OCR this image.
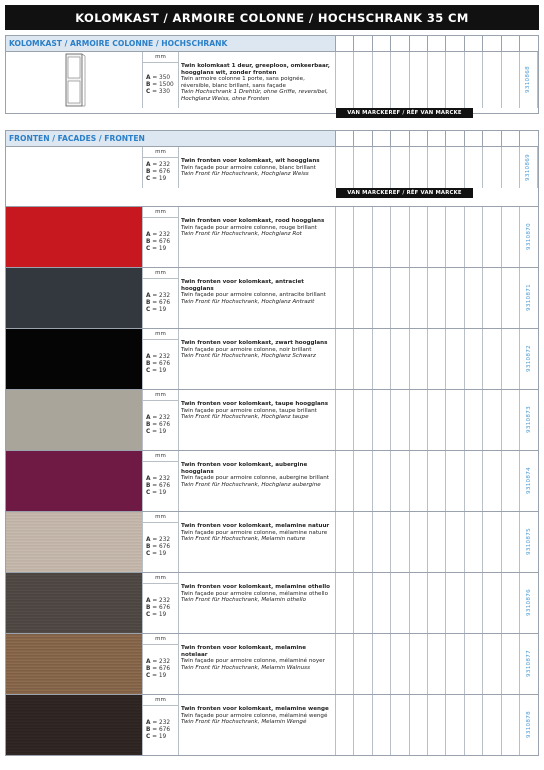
KOLOMKAST / ARMOIRE COLONNE / HOCHSCHRANK 35 CM
KOLOMKAST / ARMOIRE COLONNE / HOCHSCHRANK
mm
A = 350
B = 1500
C = 330
Twin kolomkast 1 deur, greeploos, omkeerbaar, hoogglans wit, zonder fronten
Twin armoire colonne 1 porte, sans poignée, réversible, blanc brillant, sans façade
Twin Hochschrank 1 Drehtür, ohne Griffe, reversibel, Hochglanz Weiss, ohne Fronten
9310868
VAN MARCKEREF / RÉF VAN MARCKE
FRONTEN / FACADES / FRONTEN
mm
A = 232
B = 676
C = 19
Twin fronten voor kolomkast, wit hoogglans
Twin façade pour armoire colonne, blanc brillant
Twin Front für Hochschrank, Hochglanz Weiss	9310869
VAN MARCKEREF / RÉF VAN MARCKE
mm
A = 232
B = 676
C = 19
Twin fronten voor kolomkast, rood hoogglans
Twin façade pour armoire colonne, rouge brillant
Twin Front für Hochschrank, Hochglanz Rot	9310870
mm
A = 232
B = 676
C = 19
Twin fronten voor kolomkast, antraciet hoogglans
Twin façade pour armoire colonne, antracite brillant
Twin Front für Hochschrank, Hochglanz Antrazit	9310871
mm
A = 232
B = 676
C = 19
Twin fronten voor kolomkast, zwart hoogglans
Twin façade pour armoire colonne, noir brillant
Twin Front für Hochschrank, Hochglanz Schwarz	9310872
mm
A = 232
B = 676
C = 19
Twin fronten voor kolomkast, taupe hoogglans
Twin façade pour armoire colonne, taupe brillant
Twin Front für Hochschrank, Hochglanz taupe	9310873
mm
A = 232
B = 676
C = 19
Twin fronten voor kolomkast, aubergine hoogglans
Twin façade pour armoire colonne, aubergine brillant
Twin Front für Hochschrank, Hochglanz aubergine	9310874
mm
A = 232
B = 676
C = 19
Twin fronten voor kolomkast, melamine natuur
Twin façade pour armoire colonne, mélamine nature
Twin Front für Hochschrank, Melamin nature	9310875
mm
A = 232
B = 676
C = 19
Twin fronten voor kolomkast, melamine othello
Twin façade pour armoire colonne, mélamine othello
Twin Front für Hochschrank, Melamin othello	9310876
mm
A = 232
B = 676
C = 19
Twin fronten voor kolomkast, melamine notelaar
Twin façade pour armoire colonne, mélaminé noyer
Twin Front für Hochschrank, Melamin Walnuss	9310877
mm
A = 232
B = 676
C = 19
Twin fronten voor kolomkast, melamine wenge
Twin façade pour armoire colonne, mélaminé wengé
Twin Front für Hochschrank, Melamin Wengé	9310878
